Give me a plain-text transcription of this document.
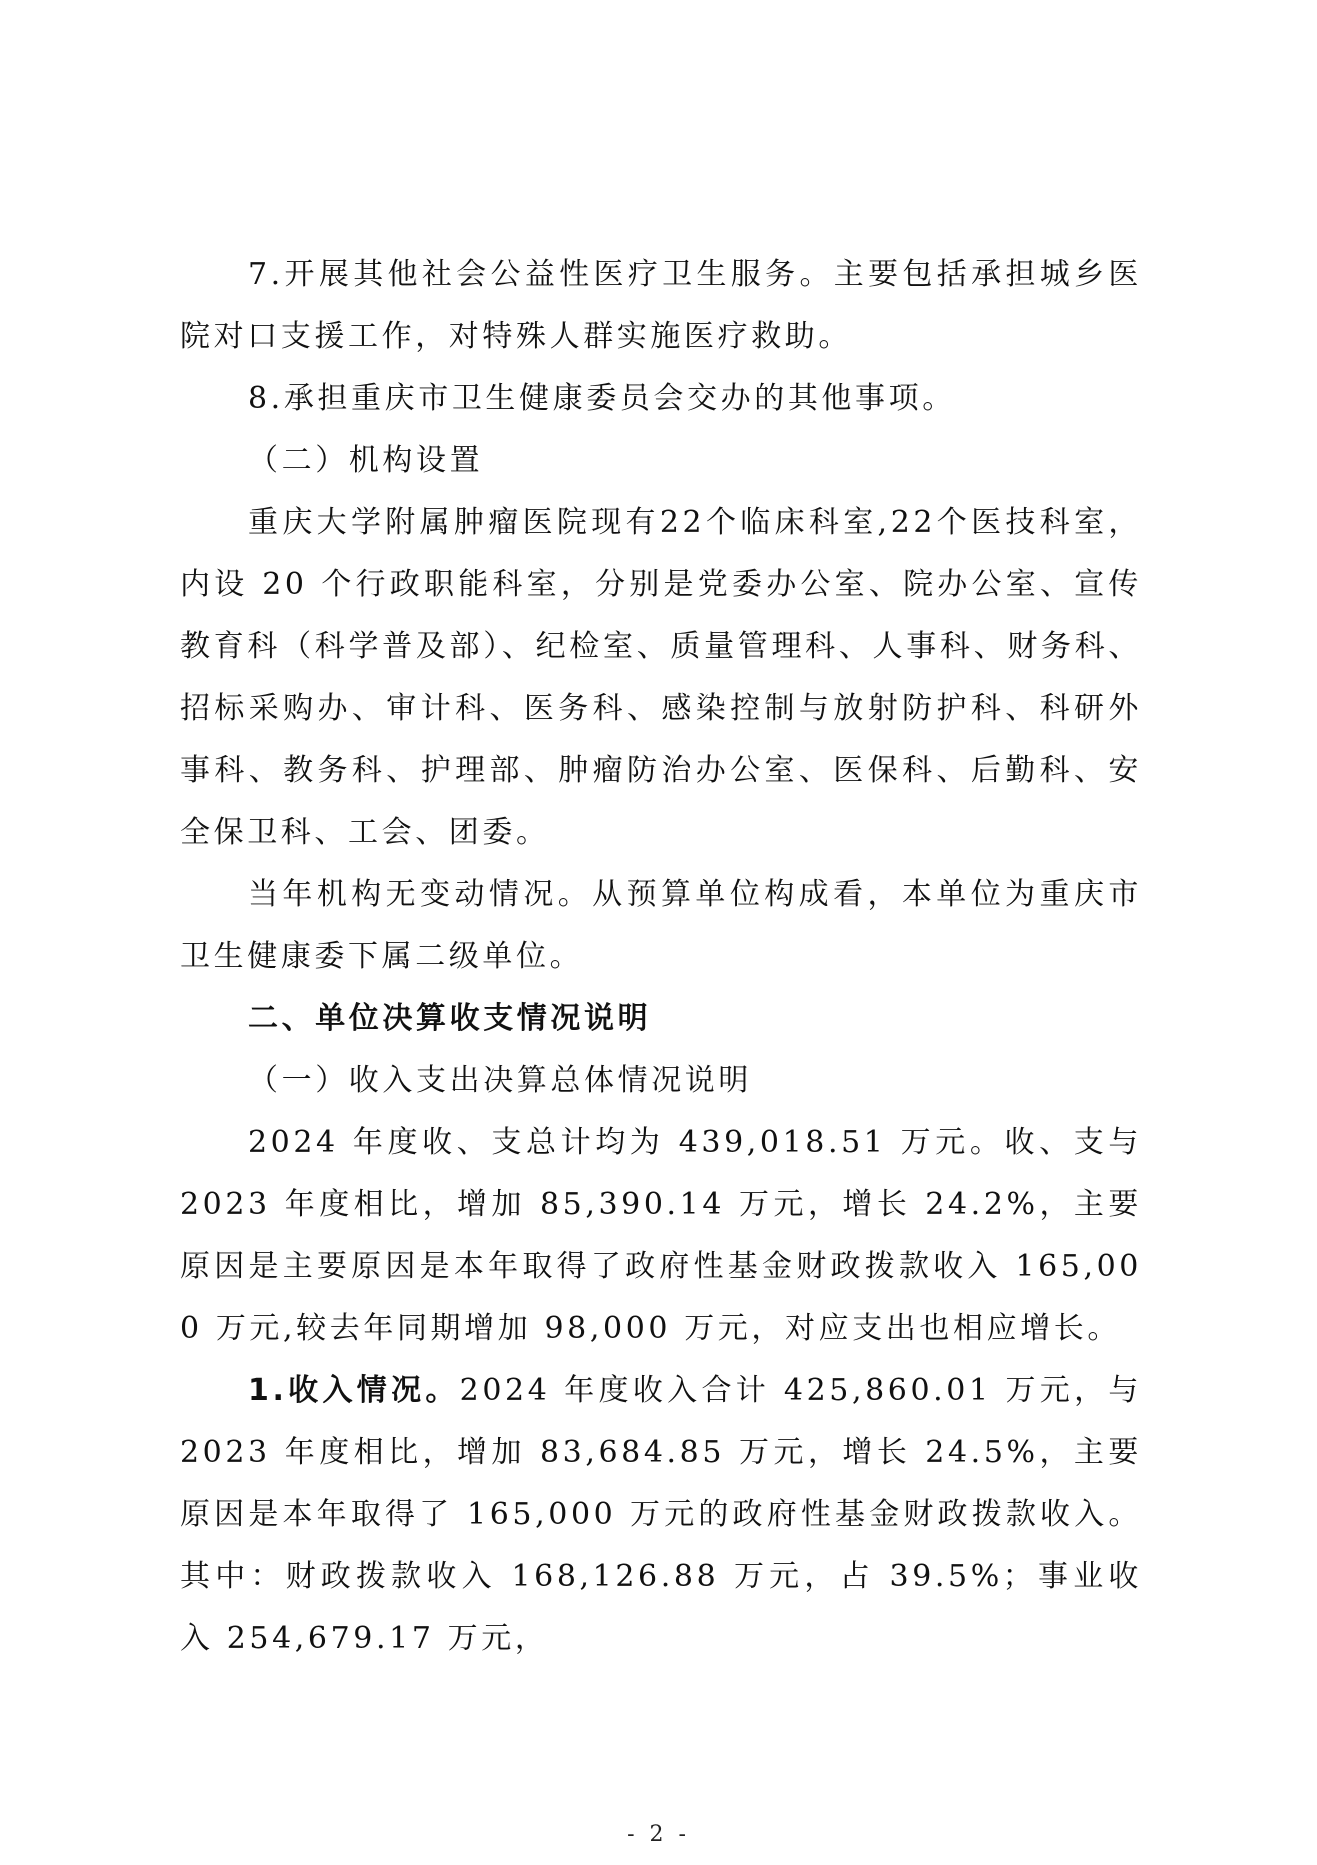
7.开展其他社会公益性医疗卫生服务。主要包括承担城乡医院对口支援工作，对特殊人群实施医疗救助。

8.承担重庆市卫生健康委员会交办的其他事项。

（二）机构设置

重庆大学附属肿瘤医院现有22个临床科室,22个医技科室，内设 20 个行政职能科室，分别是党委办公室、院办公室、宣传教育科（科学普及部）、纪检室、质量管理科、人事科、财务科、招标采购办、审计科、医务科、感染控制与放射防护科、科研外事科、教务科、护理部、肿瘤防治办公室、医保科、后勤科、安全保卫科、工会、团委。

当年机构无变动情况。从预算单位构成看，本单位为重庆市卫生健康委下属二级单位。

二、单位决算收支情况说明

（一）收入支出决算总体情况说明

2024 年度收、支总计均为 439,018.51 万元。收、支与 2023 年度相比，增加 85,390.14 万元，增长 24.2%，主要原因是主要原因是本年取得了政府性基金财政拨款收入 165,000 万元,较去年同期增加 98,000 万元，对应支出也相应增长。

1.收入情况。2024 年度收入合计 425,860.01 万元，与 2023 年度相比，增加 83,684.85 万元，增长 24.5%，主要原因是本年取得了 165,000 万元的政府性基金财政拨款收入。其中：财政拨款收入 168,126.88 万元，占 39.5%；事业收入 254,679.17 万元，

- 2 -
